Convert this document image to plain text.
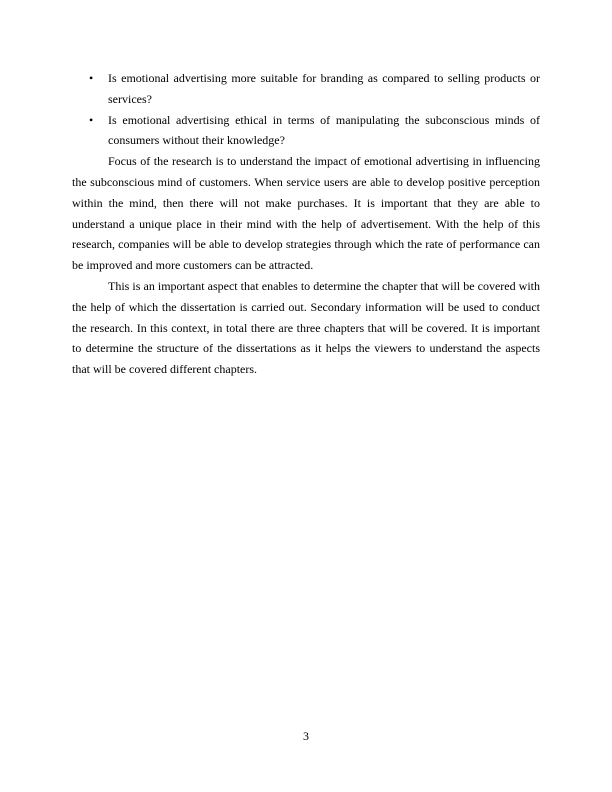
• Is emotional advertising more suitable for branding as compared to selling products or services?
• Is emotional advertising ethical in terms of manipulating the subconscious minds of consumers without their knowledge?

Focus of the research is to understand the impact of emotional advertising in influencing the subconscious mind of customers. When service users are able to develop positive perception within the mind, then there will not make purchases. It is important that they are able to understand a unique place in their mind with the help of advertisement. With the help of this research, companies will be able to develop strategies through which the rate of performance can be improved and more customers can be attracted.

This is an important aspect that enables to determine the chapter that will be covered with the help of which the dissertation is carried out. Secondary information will be used to conduct the research. In this context, in total there are three chapters that will be covered. It is important to determine the structure of the dissertations as it helps the viewers to understand the aspects that will be covered different chapters.

3
